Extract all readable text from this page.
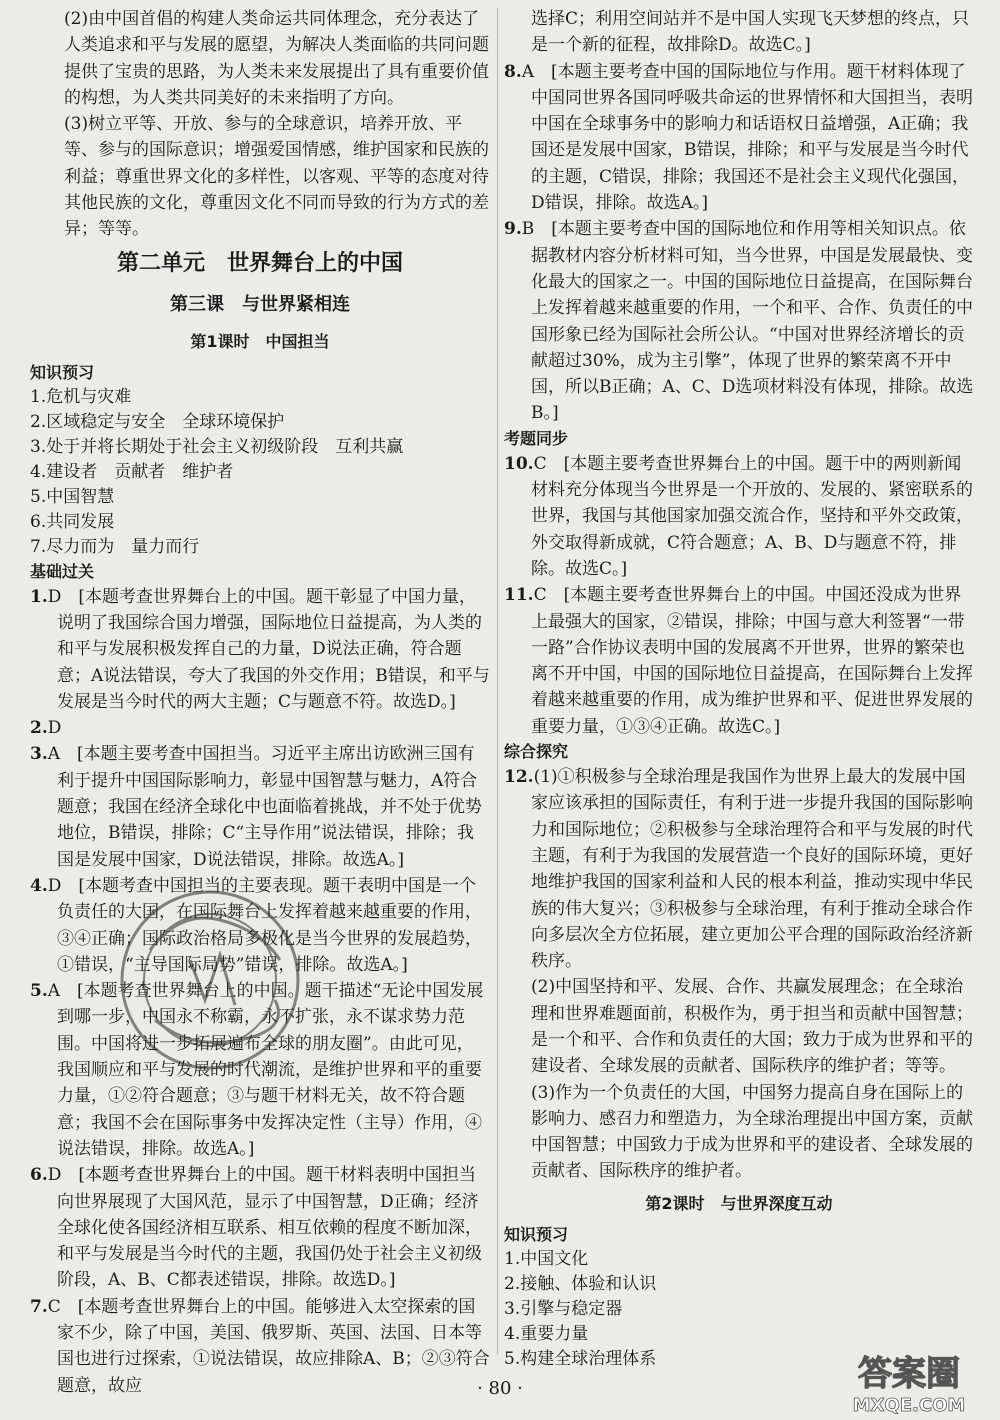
(2)由中国首倡的构建人类命运共同体理念，充分表达了人类追求和平与发展的愿望，为解决人类面临的共同问题提供了宝贵的思路，为人类未来发展提出了具有重要价值的构想，为人类共同美好的未来指明了方向。

(3)树立平等、开放、参与的全球意识，培养开放、平等、参与的国际意识；增强爱国情感，维护国家和民族的利益；尊重世界文化的多样性，以客观、平等的态度对待其他民族的文化，尊重因文化不同而导致的行为方式的差异；等等。

第二单元　世界舞台上的中国
第三课　与世界紧相连
第1课时　中国担当
知识预习
1.危机与灾难
2.区域稳定与安全　全球环境保护
3.处于并将长期处于社会主义初级阶段　互利共赢
4.建设者　贡献者　维护者
5.中国智慧
6.共同发展
7.尽力而为　量力而行
基础过关

1.D　[本题考查世界舞台上的中国。题干彰显了中国力量，说明了我国综合国力增强，国际地位日益提高，为人类的和平与发展积极发挥自己的力量，D说法正确，符合题意；A说法错误，夸大了我国的外交作用；B错误，和平与发展是当今时代的两大主题；C与题意不符。故选D。]

2.D

3.A　[本题主要考查中国担当。习近平主席出访欧洲三国有利于提升中国国际影响力，彰显中国智慧与魅力，A符合题意；我国在经济全球化中也面临着挑战，并不处于优势地位，B错误，排除；C“主导作用”说法错误，排除；我国是发展中国家，D说法错误，排除。故选A。]

4.D　[本题考查中国担当的主要表现。题干表明中国是一个负责任的大国，在国际舞台上发挥着越来越重要的作用，③④正确；国际政治格局多极化是当今世界的发展趋势，①错误，“主导国际局势”错误，排除。故选A。]

5.A　[本题考查世界舞台上的中国。题干描述“无论中国发展到哪一步，中国永不称霸，永不扩张，永不谋求势力范围。中国将进一步拓展遍布全球的朋友圈”。由此可见，我国顺应和平与发展的时代潮流，是维护世界和平的重要力量，①②符合题意；③与题干材料无关，故不符合题意；我国不会在国际事务中发挥决定性（主导）作用，④说法错误，排除。故选A。]

6.D　[本题考查世界舞台上的中国。题干材料表明中国担当向世界展现了大国风范，显示了中国智慧，D正确；经济全球化使各国经济相互联系、相互依赖的程度不断加深，和平与发展是当今时代的主题，我国仍处于社会主义初级阶段，A、B、C都表述错误，排除。故选D。]

7.C　[本题考查世界舞台上的中国。能够进入太空探索的国家不少，除了中国，美国、俄罗斯、英国、法国、日本等国也进行过探索，①说法错误，故应排除A、B；②③符合题意，故应

选择C；利用空间站并不是中国人实现飞天梦想的终点，只是一个新的征程，故排除D。故选C。]

8.A　[本题主要考查中国的国际地位与作用。题干材料体现了中国同世界各国同呼吸共命运的世界情怀和大国担当，表明中国在全球事务中的影响力和话语权日益增强，A正确；我国还是发展中国家，B错误，排除；和平与发展是当今时代的主题，C错误，排除；我国还不是社会主义现代化强国，D错误，排除。故选A。]

9.B　[本题主要考查中国的国际地位和作用等相关知识点。依据教材内容分析材料可知，当今世界，中国是发展最快、变化最大的国家之一。中国的国际地位日益提高，在国际舞台上发挥着越来越重要的作用，一个和平、合作、负责任的中国形象已经为国际社会所公认。“中国对世界经济增长的贡献超过30%，成为主引擎”，体现了世界的繁荣离不开中国，所以B正确；A、C、D选项材料没有体现，排除。故选B。]

考题同步

10.C　[本题主要考查世界舞台上的中国。题干中的两则新闻材料充分体现当今世界是一个开放的、发展的、紧密联系的世界，我国与其他国家加强交流合作，坚持和平外交政策，外交取得新成就，C符合题意；A、B、D与题意不符，排除。故选C。]

11.C　[本题主要考查世界舞台上的中国。中国还没成为世界上最强大的国家，②错误，排除；中国与意大利签署“一带一路”合作协议表明中国的发展离不开世界，世界的繁荣也离不开中国，中国的国际地位日益提高，在国际舞台上发挥着越来越重要的作用，成为维护世界和平、促进世界发展的重要力量，①③④正确。故选C。]

综合探究

12.(1)①积极参与全球治理是我国作为世界上最大的发展中国家应该承担的国际责任，有利于进一步提升我国的国际影响力和国际地位；②积极参与全球治理符合和平与发展的时代主题，有利于为我国的发展营造一个良好的国际环境，更好地维护我国的国家利益和人民的根本利益，推动实现中华民族的伟大复兴；③积极参与全球治理，有利于推动全球合作向多层次全方位拓展，建立更加公平合理的国际政治经济新秩序。

(2)中国坚持和平、发展、合作、共赢发展理念；在全球治理和世界难题面前，积极作为，勇于担当和贡献中国智慧；是一个和平、合作和负责任的大国；致力于成为世界和平的建设者、全球发展的贡献者、国际秩序的维护者；等等。

(3)作为一个负责任的大国，中国努力提高自身在国际上的影响力、感召力和塑造力，为全球治理提出中国方案，贡献中国智慧；中国致力于成为世界和平的建设者、全球发展的贡献者、国际秩序的维护者。

第2课时　与世界深度互动
知识预习
1.中国文化
2.接触、体验和认识
3.引擎与稳定器
4.重要力量
5.构建全球治理体系
· 80 ·	答案圈
MXQE.COM
